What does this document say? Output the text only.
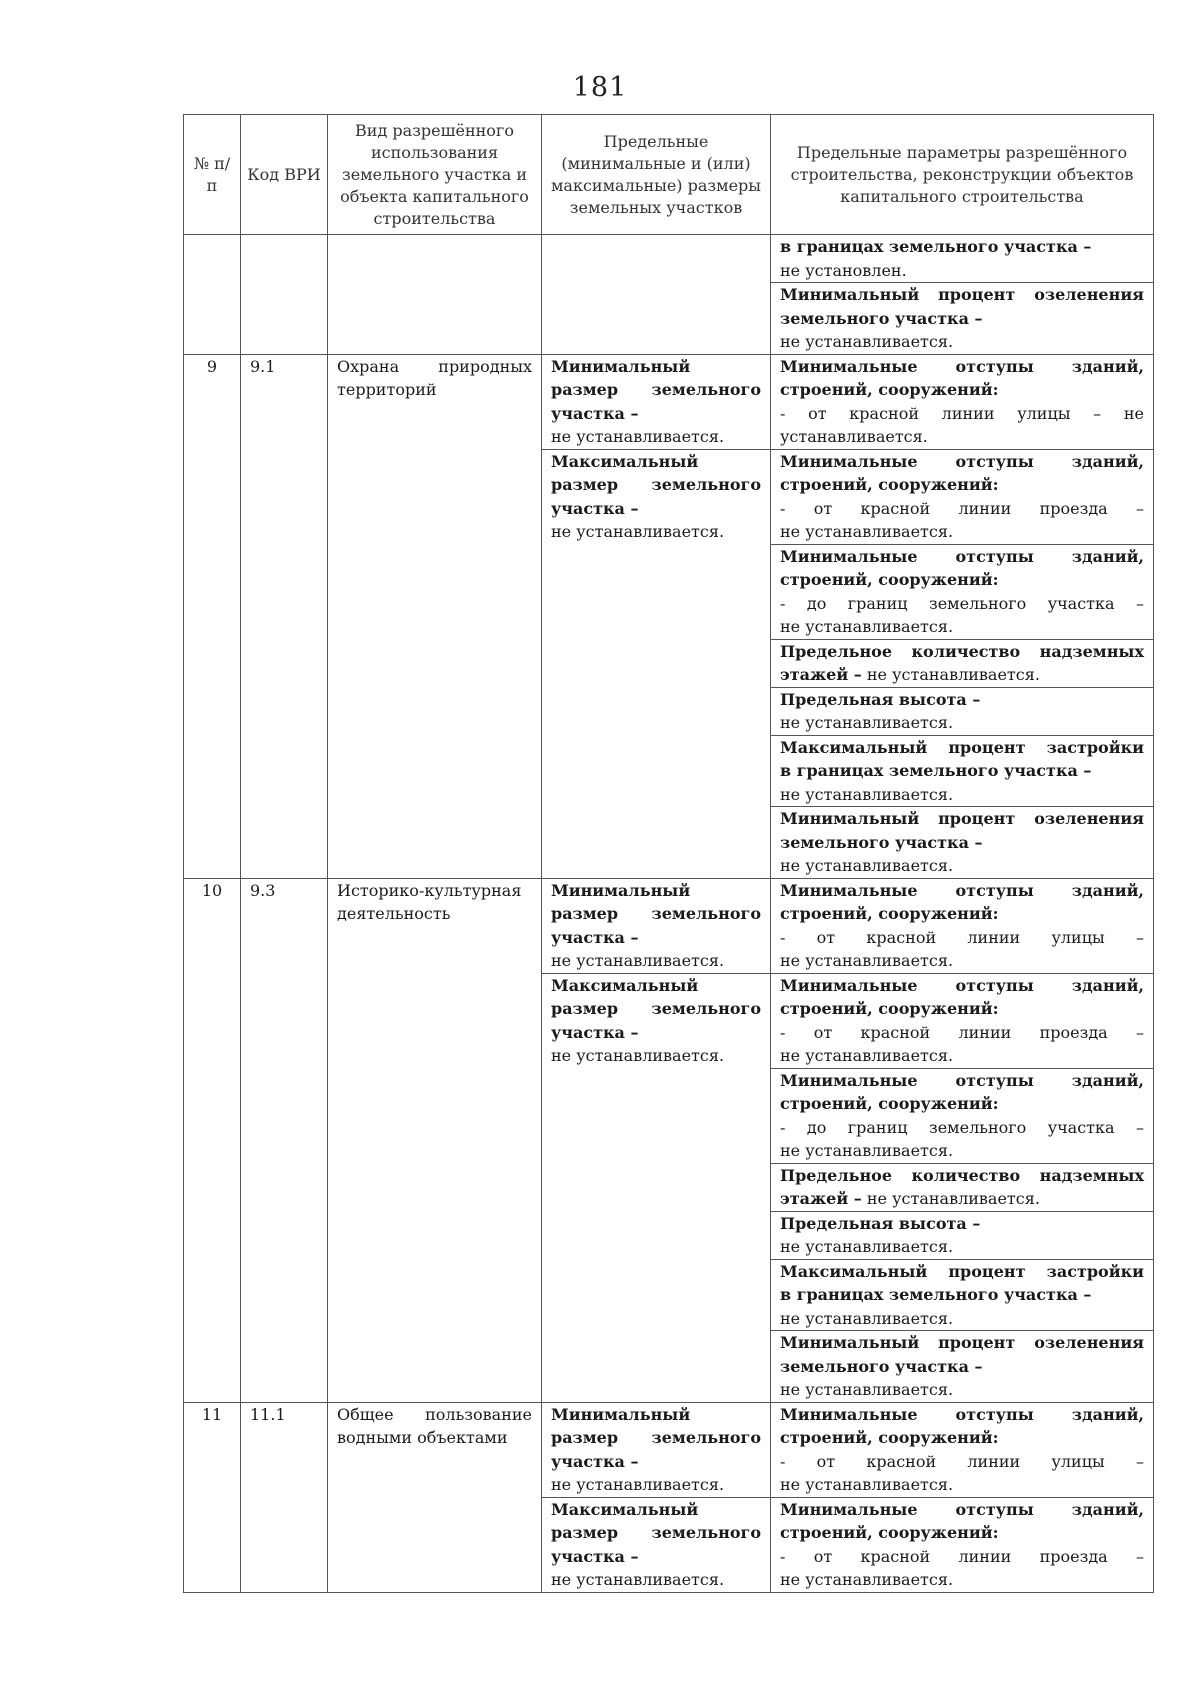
181
№ п/п	Код ВРИ	Вид разрешённого использования земельного участка и объекта капитального строительства	Предельные (минимальные и (или) максимальные) размеры земельных участков	Предельные параметры разрешённого строительства, реконструкции объектов капитального строительства

				в границах земельного участка –
не установлен.

				Минимальный процент озеленения
земельного участка –
не устанавливается.

9	9.1	Охрана природных территорий	Минимальный
размер земельного
участка –
не устанавливается.	Минимальные отступы зданий,
строений, сооружений:
- от красной линии улицы – не
устанавливается.

			Максимальный
размер земельного
участка –
не устанавливается.	Минимальные отступы зданий,
строений, сооружений:
- от красной линии проезда –
не устанавливается.

				Минимальные отступы зданий,
строений, сооружений:
- до границ земельного участка –
не устанавливается.

				Предельное количество надземных
этажей – не устанавливается.

				Предельная высота –
не устанавливается.

				Максимальный процент застройки
в границах земельного участка –
не устанавливается.

				Минимальный процент озеленения
земельного участка –
не устанавливается.

10	9.3	Историко-культурная деятельность	Минимальный
размер земельного
участка –
не устанавливается.	Минимальные отступы зданий,
строений, сооружений:
- от красной линии улицы –
не устанавливается.

			Максимальный
размер земельного
участка –
не устанавливается.	Минимальные отступы зданий,
строений, сооружений:
- от красной линии проезда –
не устанавливается.

				Минимальные отступы зданий,
строений, сооружений:
- до границ земельного участка –
не устанавливается.

				Предельное количество надземных
этажей – не устанавливается.

				Предельная высота –
не устанавливается.

				Максимальный процент застройки
в границах земельного участка –
не устанавливается.

				Минимальный процент озеленения
земельного участка –
не устанавливается.

11	11.1	Общее пользование водными объектами	Минимальный
размер земельного
участка –
не устанавливается.	Минимальные отступы зданий,
строений, сооружений:
- от красной линии улицы –
не устанавливается.

			Максимальный
размер земельного
участка –
не устанавливается.	Минимальные отступы зданий,
строений, сооружений:
- от красной линии проезда –
не устанавливается.
